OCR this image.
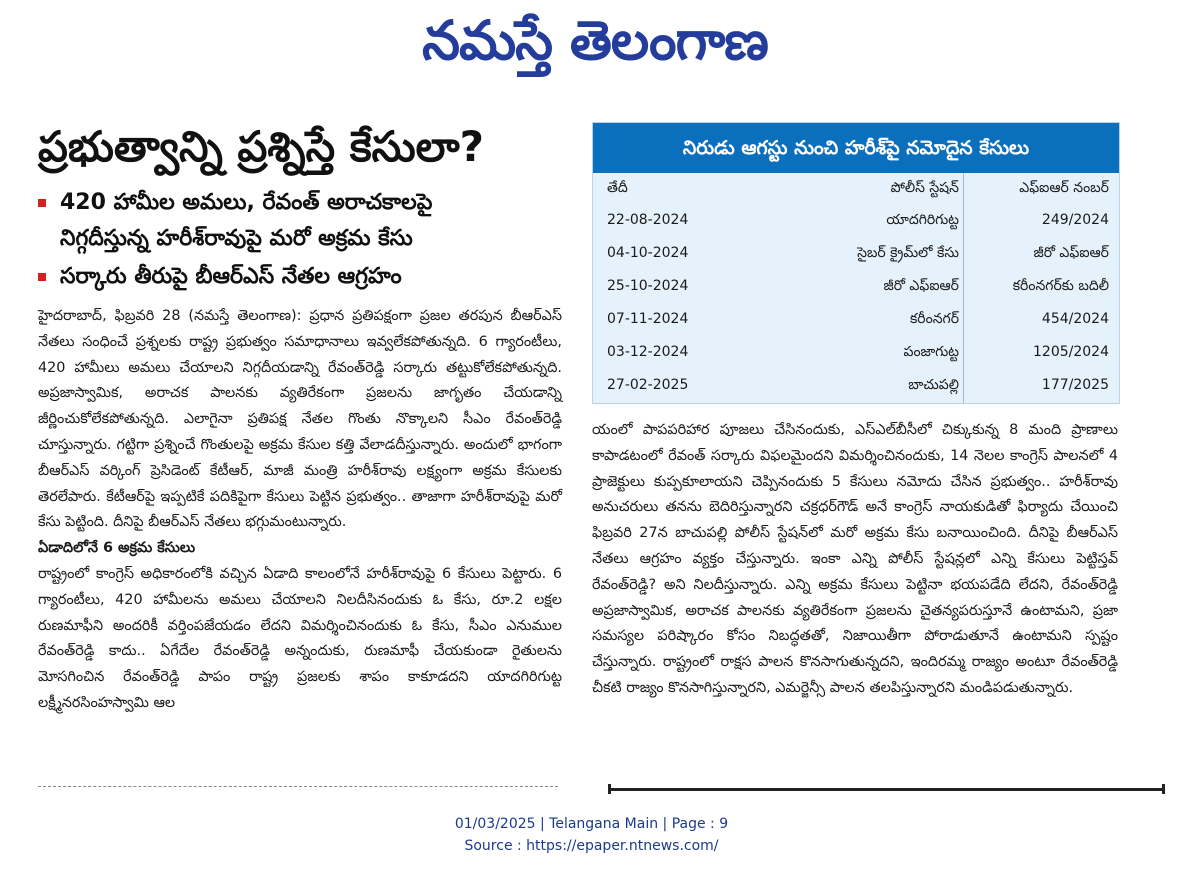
నమస్తే తెలంగాణ
ప్రభుత్వాన్ని ప్రశ్నిస్తే కేసులా?
420 హామీల అమలు, రేవంత్ అరాచకాలపై
నిగ్గదీస్తున్న హరీశ్‌రావుపై మరో అక్రమ కేసు
సర్కారు తీరుపై బీఆర్‌ఎస్ నేతల ఆగ్రహం

హైదరాబాద్, ఫిబ్రవరి 28 (నమస్తే తెలంగాణ): ప్రధాన ప్రతిపక్షంగా ప్రజల తరపున బీఆర్‌ఎస్ నేతలు సంధించే ప్రశ్నలకు రాష్ట్ర ప్రభుత్వం సమాధానాలు ఇవ్వలేకపోతున్నది. 6 గ్యారంటీలు, 420 హామీలు అమలు చేయాలని నిగ్గదీయడాన్ని రేవంత్‌రెడ్డి సర్కారు తట్టుకోలేకపోతున్నది. అప్రజాస్వామిక, అరాచక పాలనకు వ్యతిరేకంగా ప్రజలను జాగృతం చేయడాన్ని జీర్ణించుకోలేకపోతున్నది. ఎలాగైనా ప్రతిపక్ష నేతల గొంతు నొక్కాలని సీఎం రేవంత్‌రెడ్డి చూస్తున్నారు. గట్టిగా ప్రశ్నించే గొంతులపై అక్రమ కేసుల కత్తి వేలాడదీస్తున్నారు. అందులో భాగంగా బీఆర్‌ఎస్ వర్కింగ్ ప్రెసిడెంట్ కేటీఆర్, మాజీ మంత్రి హరీశ్‌రావు లక్ష్యంగా అక్రమ కేసులకు తెరలేపారు. కేటీఆర్‌పై ఇప్పటికే పదికిపైగా కేసులు పెట్టిన ప్రభుత్వం.. తాజాగా హరీశ్‌రావుపై మరో కేసు పెట్టింది. దీనిపై బీఆర్‌ఎస్ నేతలు భగ్గుమంటున్నారు.

ఏడాదిలోనే 6 అక్రమ కేసులు

రాష్ట్రంలో కాంగ్రెస్ అధికారంలోకి వచ్చిన ఏడాది కాలంలోనే హరీశ్‌రావుపై 6 కేసులు పెట్టారు. 6 గ్యారంటీలు, 420 హామీలను అమలు చేయాలని నిలదీసినందుకు ఓ కేసు, రూ.2 లక్షల రుణమాఫీని అందరికీ వర్తింపజేయడం లేదని విమర్శించినందుకు ఓ కేసు, సీఎం ఎనుముల రేవంత్‌రెడ్డి కాదు.. ఏగేదేల రేవంత్‌రెడ్డి అన్నందుకు, రుణమాఫీ చేయకుండా రైతులను మోసగించిన రేవంత్‌రెడ్డి పాపం రాష్ట్ర ప్రజలకు శాపం కాకూడదని యాదగిరిగుట్ట లక్ష్మీనరసింహస్వామి ఆల

నిరుడు ఆగస్టు నుంచి హరీశ్‌పై నమోదైన కేసులు
తేదీ	పోలీస్ స్టేషన్	ఎఫ్‌ఐఆర్ నంబర్
22-08-2024	యాదగిరిగుట్ట	249/2024
04-10-2024	సైబర్ క్రైమ్‌లో కేసు	జీరో ఎఫ్‌ఐఆర్
25-10-2024	జీరో ఎఫ్‌ఐఆర్	కరీంనగర్‌కు బదిలీ
07-11-2024	కరీంనగర్	454/2024
03-12-2024	పంజాగుట్ట	1205/2024
27-02-2025	బాచుపల్లి	177/2025

యంలో పాపపరిహార పూజలు చేసినందుకు, ఎస్‌ఎల్‌బీసీలో చిక్కుకున్న 8 మంది ప్రాణాలు కాపాడటంలో రేవంత్ సర్కారు విఫలమైందని విమర్శించినందుకు, 14 నెలల కాంగ్రెస్ పాలనలో 4 ప్రాజెక్టులు కుప్పకూలాయని చెప్పినందుకు 5 కేసులు నమోదు చేసిన ప్రభుత్వం.. హరీశ్‌రావు అనుచరులు తనను బెదిరిస్తున్నారని చక్రధర్‌గౌడ్ అనే కాంగ్రెస్ నాయకుడితో ఫిర్యాదు చేయించి ఫిబ్రవరి 27న బాచుపల్లి పోలీస్ స్టేషన్‌లో మరో అక్రమ కేసు బనాయించింది. దీనిపై బీఆర్‌ఎస్ నేతలు ఆగ్రహం వ్యక్తం చేస్తున్నారు. ఇంకా ఎన్ని పోలీస్ స్టేషన్లలో ఎన్ని కేసులు పెట్టిస్తవ్ రేవంత్‌రెడ్డి? అని నిలదీస్తున్నారు. ఎన్ని అక్రమ కేసులు పెట్టినా భయపడేది లేదని, రేవంత్‌రెడ్డి అప్రజాస్వామిక, అరాచక పాలనకు వ్యతిరేకంగా ప్రజలను చైతన్యపరుస్తూనే ఉంటామని, ప్రజా సమస్యల పరిష్కారం కోసం నిబద్ధతతో, నిజాయితీగా పోరాడుతూనే ఉంటామని స్పష్టం చేస్తున్నారు. రాష్ట్రంలో రాక్షస పాలన కొనసాగుతున్నదని, ఇందిరమ్మ రాజ్యం అంటూ రేవంత్‌రెడ్డి చీకటి రాజ్యం కొనసాగిస్తున్నారని, ఎమర్జెన్సీ పాలన తలపిస్తున్నారని మండిపడుతున్నారు.

01/03/2025 | Telangana Main | Page : 9
Source : https://epaper.ntnews.com/
